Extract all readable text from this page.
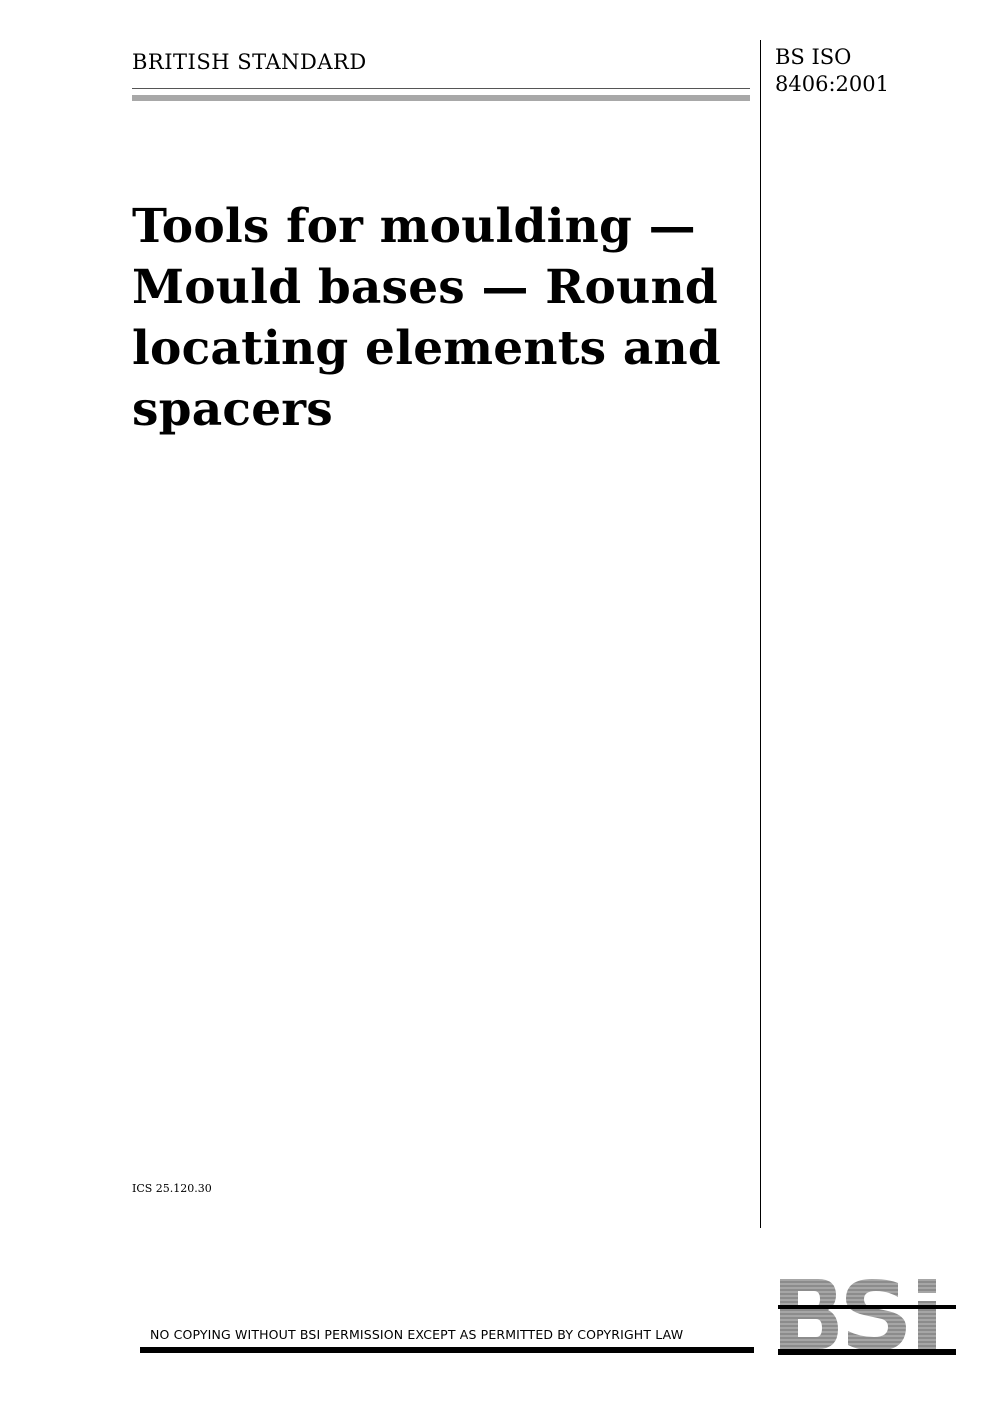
BRITISH STANDARD	BS ISO
8406:2001
Tools for moulding —
Mould bases — Round
locating elements and
spacers
ICS 25.120.30
NO COPYING WITHOUT BSI PERMISSION EXCEPT AS PERMITTED BY COPYRIGHT LAW
